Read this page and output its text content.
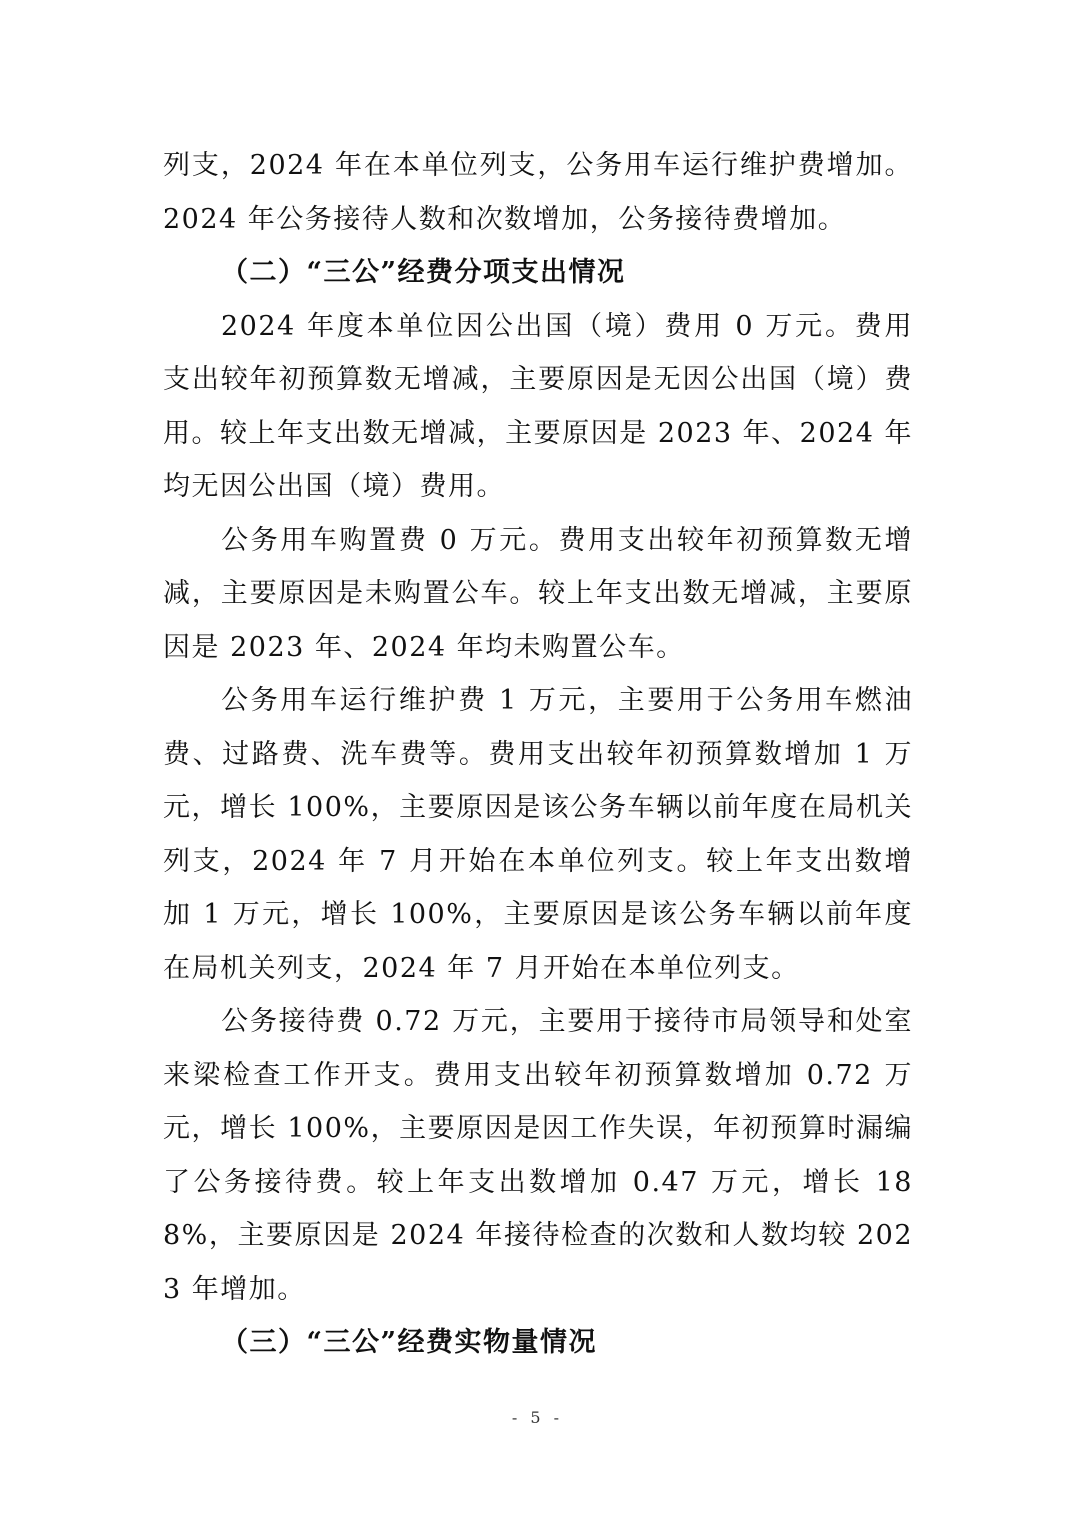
列支，2024 年在本单位列支，公务用车运行维护费增加。2024 年公务接待人数和次数增加，公务接待费增加。

（二）“三公”经费分项支出情况

2024 年度本单位因公出国（境）费用 0 万元。费用支出较年初预算数无增减，主要原因是无因公出国（境）费用。较上年支出数无增减，主要原因是 2023 年、2024 年均无因公出国（境）费用。

公务用车购置费 0 万元。费用支出较年初预算数无增减，主要原因是未购置公车。较上年支出数无增减，主要原因是 2023 年、2024 年均未购置公车。

公务用车运行维护费 1 万元，主要用于公务用车燃油费、过路费、洗车费等。费用支出较年初预算数增加 1 万元，增长 100%，主要原因是该公务车辆以前年度在局机关列支，2024 年 7 月开始在本单位列支。较上年支出数增加 1 万元，增长 100%，主要原因是该公务车辆以前年度在局机关列支，2024 年 7 月开始在本单位列支。

公务接待费 0.72 万元，主要用于接待市局领导和处室来梁检查工作开支。费用支出较年初预算数增加 0.72 万元，增长 100%，主要原因是因工作失误，年初预算时漏编了公务接待费。较上年支出数增加 0.47 万元，增长 188%，主要原因是 2024 年接待检查的次数和人数均较 2023 年增加。

（三）“三公”经费实物量情况

- 5 -
